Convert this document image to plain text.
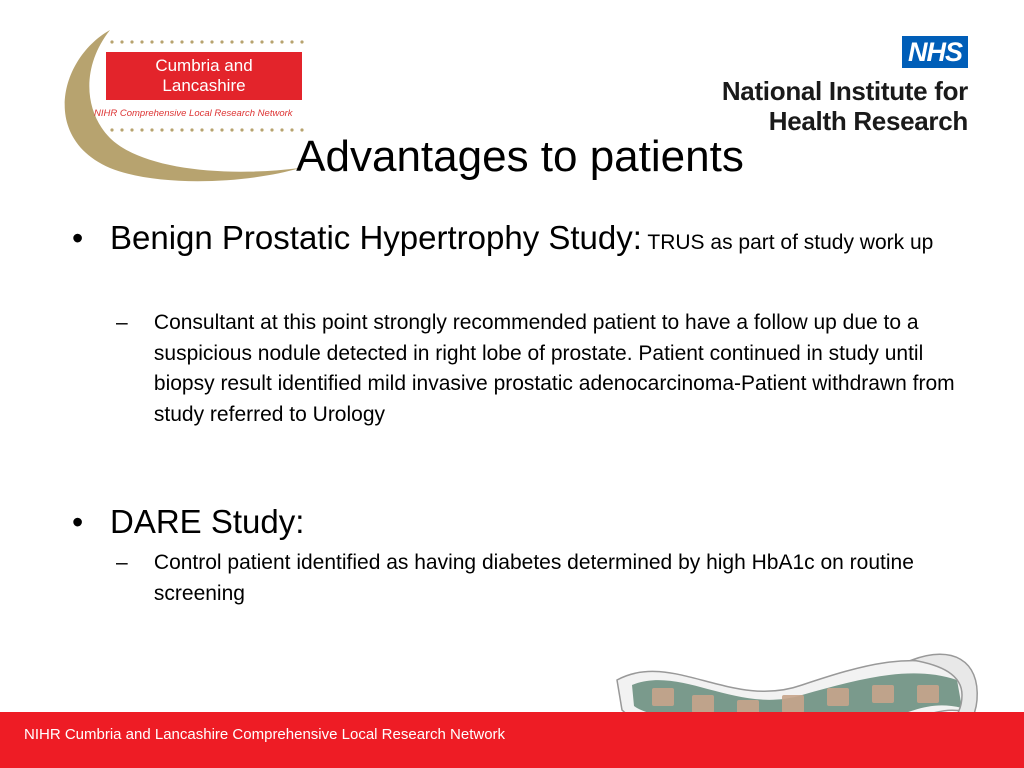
Cumbria and
Lancashire
NIHR Comprehensive Local Research Network
NHS
National Institute for
Health Research
Advantages to patients
• Benign Prostatic Hypertrophy Study: TRUS as part of study work up
–	Consultant at this point strongly recommended patient to have a follow up due to a suspicious nodule detected in right lobe of prostate. Patient continued in study until biopsy result identified mild invasive prostatic adenocarcinoma-Patient withdrawn from study referred to Urology
• DARE Study:
–	Control patient identified as having diabetes determined by high HbA1c on routine screening
NIHR Cumbria and Lancashire Comprehensive Local Research Network
